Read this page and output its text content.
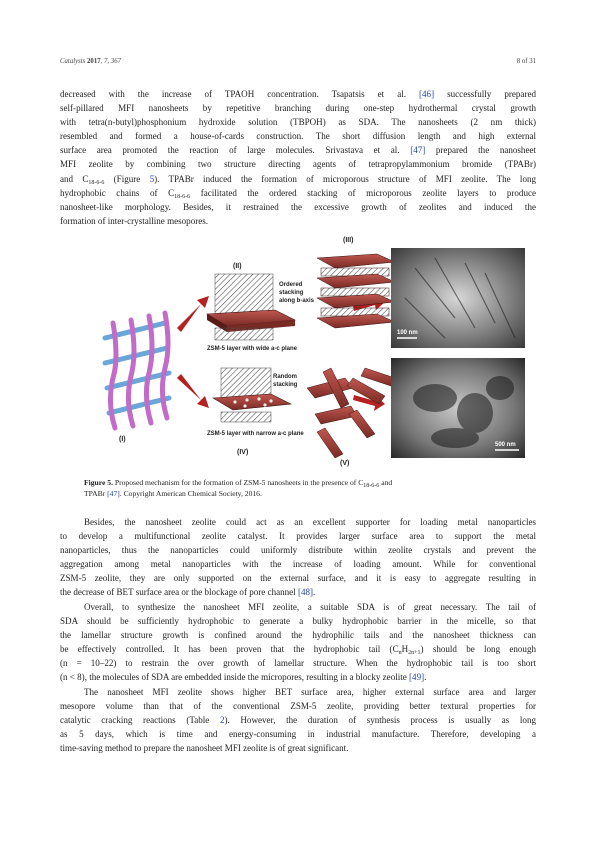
Catalysts 2017, 7, 367	8 of 31
decreased with the increase of TPAOH concentration. Tsapatsis et al. [46] successfully prepared
self-pillared MFI nanosheets by repetitive branching during one-step hydrothermal crystal growth
with tetra(n-butyl)phosphonium hydroxide solution (TBPOH) as SDA. The nanosheets (2 nm thick)
resembled and formed a house-of-cards construction. The short diffusion length and high external
surface area promoted the reaction of large molecules. Srivastava et al. [47] prepared the nanosheet
MFI zeolite by combining two structure directing agents of tetrapropylammonium bromide (TPABr)
and $C_{18-6-6}$ (Figure 5). TPABr induced the formation of microporous structure of MFI zeolite. The long
hydrophobic chains of $C_{18-6-6}$ facilitated the ordered stacking of microporous zeolite layers to produce
nanosheet-like morphology. Besides, it restrained the excessive growth of zeolites and induced the
formation of inter-crystalline mesopores.
(I)
(II)
ZSM-5 layer with wide a-c plane
Ordered
stacking
along b-axis
(III)
ZSM-5 layer with narrow a-c plane
Random
stacking
(IV)
(V)
100 nm
500 nm
Figure 5. Proposed mechanism for the formation of ZSM-5 nanosheets in the presence of $C_{18-6-6}$ and
TPABr [47]. Copyright American Chemical Society, 2016.
Besides, the nanosheet zeolite could act as an excellent supporter for loading metal nanoparticles
to develop a multifunctional zeolite catalyst. It provides larger surface area to support the metal
nanoparticles, thus the nanoparticles could uniformly distribute within zeolite crystals and prevent the
aggregation among metal nanoparticles with the increase of loading amount. While for conventional
ZSM-5 zeolite, they are only supported on the external surface, and it is easy to aggregate resulting in
the decrease of BET surface area or the blockage of pore channel [48].
Overall, to synthesize the nanosheet MFI zeolite, a suitable SDA is of great necessary. The tail of
SDA should be sufficiently hydrophobic to generate a bulky hydrophobic barrier in the micelle, so that
the lamellar structure growth is confined around the hydrophilic tails and the nanosheet thickness can
be effectively controlled. It has been proven that the hydrophobic tail $(C_nH_{2n+1})$ should be long enough
(n = 10–22) to restrain the over growth of lamellar structure. When the hydrophobic tail is too short
(n < 8), the molecules of SDA are embedded inside the micropores, resulting in a blocky zeolite [49].
The nanosheet MFI zeolite shows higher BET surface area, higher external surface area and larger
mesopore volume than that of the conventional ZSM-5 zeolite, providing better textural properties for
catalytic cracking reactions (Table 2). However, the duration of synthesis process is usually as long
as 5 days, which is time and energy-consuming in industrial manufacture. Therefore, developing a
time-saving method to prepare the nanosheet MFI zeolite is of great significant.
